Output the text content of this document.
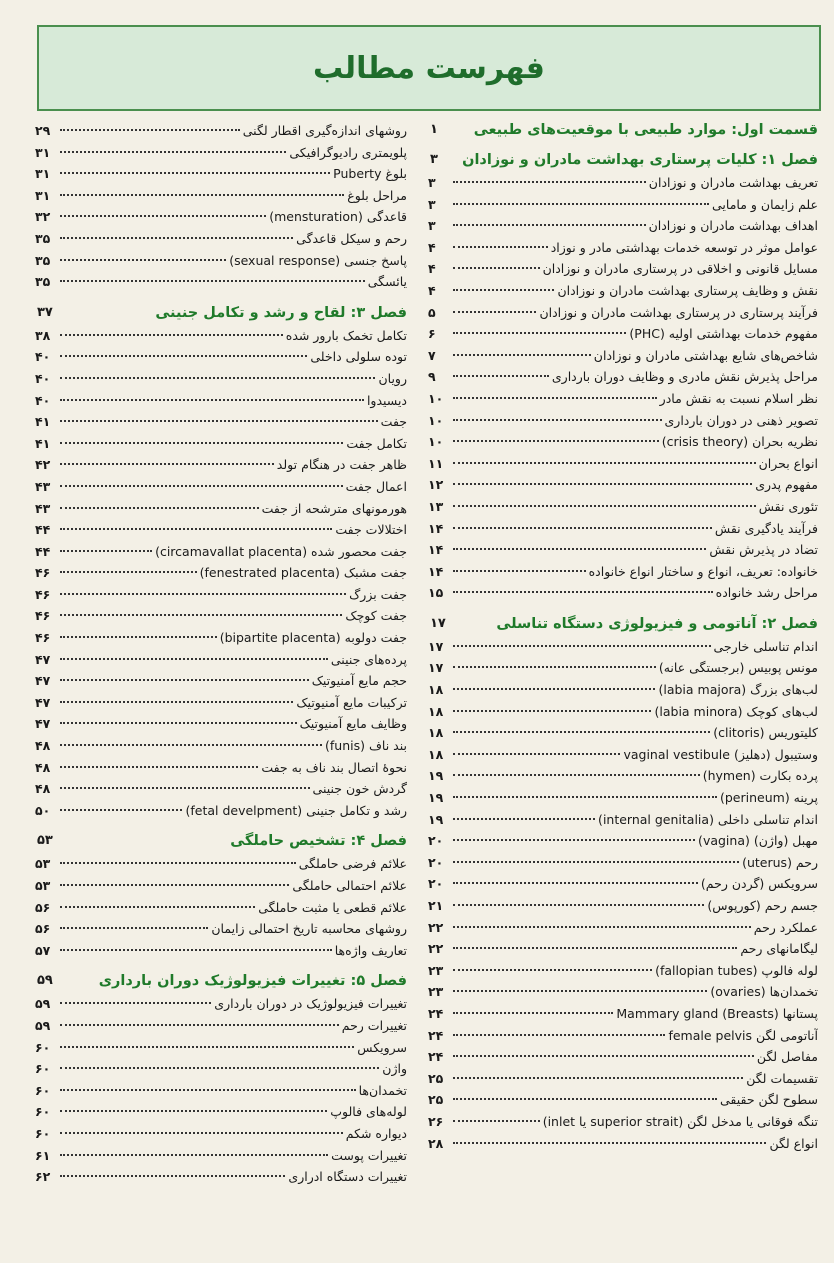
فهرست مطالب
قسمت اول: موارد طبیعی با موقعیت‌های طبیعی
۱
فصل ۱: کلیات پرستاری بهداشت مادران و نوزادان
۳
تعریف بهداشت مادران و نوزادان
۳
علم زایمان و مامایی
۳
اهداف بهداشت مادران و نوزادان
۳
عوامل موثر در توسعه خدمات بهداشتی مادر و نوزاد
۴
مسایل قانونی و اخلاقی در پرستاری مادران و نوزادان
۴
نقش و وظایف پرستاری بهداشت مادران و نوزادان
۴
فرآیند پرستاری در پرستاری بهداشت مادران و نوزادان
۵
مفهوم خدمات بهداشتی اولیه (PHC)
۶
شاخص‌های شایع بهداشتی مادران و نوزادان
۷
مراحل پذیرش نقش مادری و وظایف دوران بارداری
۹
نظر اسلام نسبت به نقش مادر
۱۰
تصویر ذهنی در دوران بارداری
۱۰
نظریه بحران (crisis theory)
۱۰
انواع بحران
۱۱
مفهوم پدری
۱۲
تئوری نقش
۱۳
فرآیند یادگیری نقش
۱۴
تضاد در پذیرش نقش
۱۴
خانواده: تعریف، انواع و ساختار انواع خانواده
۱۴
مراحل رشد خانواده
۱۵
فصل ۲: آناتومی و فیزیولوژی دستگاه تناسلی
۱۷
اندام تناسلی خارجی
۱۷
مونس پوبیس (برجستگی عانه)
۱۷
لب‌های بزرگ (labia majora)
۱۸
لب‌های کوچک (labia minora)
۱۸
کلیتوریس (clitoris)
۱۸
وستیبول (دهلیز) vaginal vestibule
۱۸
پرده بکارت (hymen)
۱۹
پرینه (perineum)
۱۹
اندام تناسلی داخلی (internal genitalia)
۱۹
مهبل (واژن) (vagina)
۲۰
رحم (uterus)
۲۰
سرویکس (گردن رحم)
۲۰
جسم رحم (کورپوس)
۲۱
عملکرد رحم
۲۲
لیگامانهای رحم
۲۲
لوله فالوپ (fallopian tubes)
۲۳
تخمدان‌ها (ovaries)
۲۳
پستانها (Breasts) Mammary gland
۲۴
آناتومی لگن female pelvis
۲۴
مفاصل لگن
۲۴
تقسیمات لگن
۲۵
سطوح لگن حقیقی
۲۵
تنگه فوقانی یا مدخل لگن (superior strait یا inlet)
۲۶
انواع لگن
۲۸
روشهای اندازه‌گیری اقطار لگنی
۲۹
پلویمتری رادیوگرافیکی
۳۱
بلوغ Puberty
۳۱
مراحل بلوغ
۳۱
قاعدگی (mensturation)
۳۲
رحم و سیکل قاعدگی
۳۵
پاسخ جنسی (sexual response)
۳۵
یائسگی
۳۵
فصل ۳: لقاح و رشد و تکامل جنینی
۳۷
تکامل تخمک بارور شده
۳۸
توده سلولی داخلی
۴۰
رویان
۴۰
دیسیدوا
۴۰
جفت
۴۱
تکامل جفت
۴۱
ظاهر جفت در هنگام تولد
۴۲
اعمال جفت
۴۳
هورمونهای مترشحه از جفت
۴۳
اختلالات جفت
۴۴
جفت محصور شده (circamavallat placenta)
۴۴
جفت مشبک (fenestrated placenta)
۴۶
جفت بزرگ
۴۶
جفت کوچک
۴۶
جفت دولوبه (bipartite placenta)
۴۶
پرده‌های جنینی
۴۷
حجم مایع آمنیوتیک
۴۷
ترکیبات مایع آمنیوتیک
۴۷
وظایف مایع آمنیوتیک
۴۷
بند ناف (funis)
۴۸
نحوهٔ اتصال بند ناف به جفت
۴۸
گردش خون جنینی
۴۸
رشد و تکامل جنینی (fetal develpment)
۵۰
فصل ۴: تشخیص حاملگی
۵۳
علائم فرضی حاملگی
۵۳
علائم احتمالی حاملگی
۵۳
علائم قطعی یا مثبت حاملگی
۵۶
روشهای محاسبه تاریخ احتمالی زایمان
۵۶
تعاریف واژه‌ها
۵۷
فصل ۵: تغییرات فیزیولوژیک دوران بارداری
۵۹
تغییرات فیزیولوژیک در دوران بارداری
۵۹
تغییرات رحم
۵۹
سرویکس
۶۰
واژن
۶۰
تخمدان‌ها
۶۰
لوله‌های فالوپ
۶۰
دیواره شکم
۶۰
تغییرات پوست
۶۱
تغییرات دستگاه ادراری
۶۲
